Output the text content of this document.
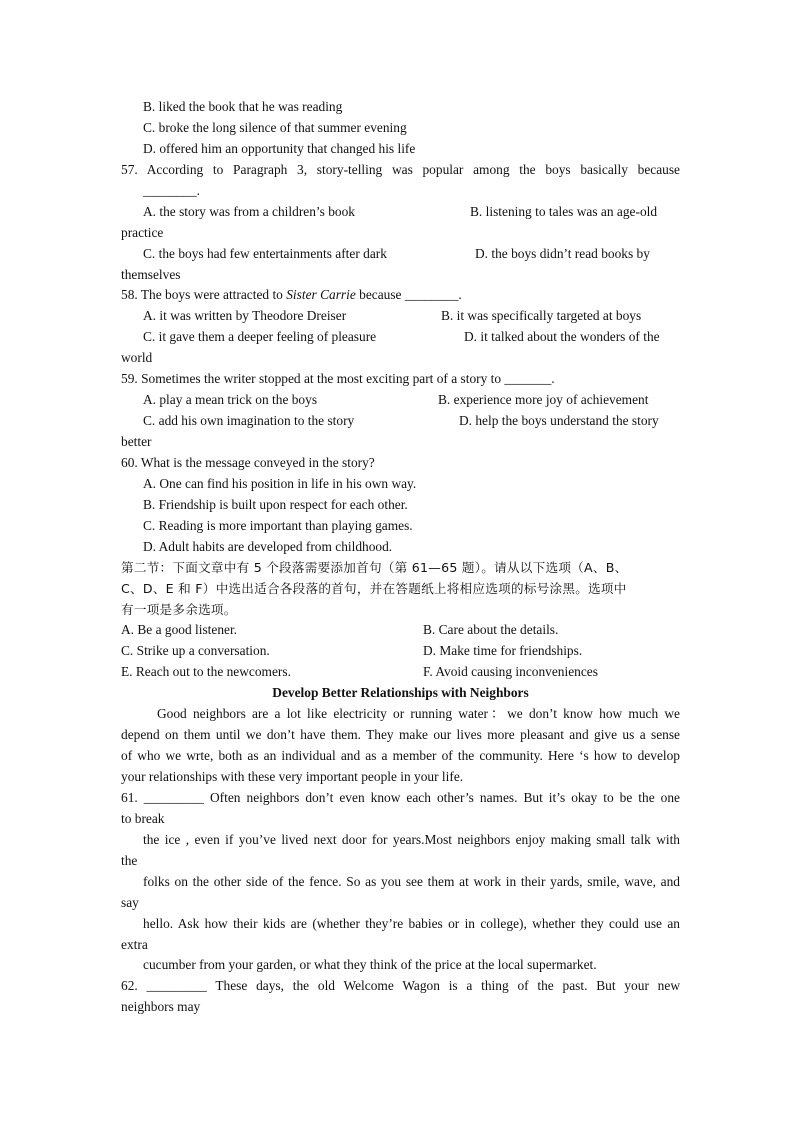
B. liked the book that he was reading
C. broke the long silence of that summer evening
D. offered him an opportunity that changed his life
57. According to Paragraph 3, story-telling was popular among the boys basically because
________.
A. the story was from a children’s book	B. listening to tales was an age-old
practice
C. the boys had few entertainments after dark	D. the boys didn’t read books by
themselves
58. The boys were attracted to Sister Carrie because ________.
A. it was written by Theodore Dreiser	B. it was specifically targeted at boys
C. it gave them a deeper feeling of pleasure	D. it talked about the wonders of the
world
59. Sometimes the writer stopped at the most exciting part of a story to _______.
A. play a mean trick on the boys	B. experience more joy of achievement
C. add his own imagination to the story	D. help the boys understand the story
better
60. What is the message conveyed in the story?
A. One can find his position in life in his own way.
B. Friendship is built upon respect for each other.
C. Reading is more important than playing games.
D. Adult habits are developed from childhood.
第二节：下面文章中有 5 个段落需要添加首句（第 61—65 题）。请从以下选项（A、B、
C、D、E 和 F）中选出适合各段落的首句，并在答题纸上将相应选项的标号涂黑。选项中
有一项是多余选项。
A. Be a good listener.	B. Care about the details.
C. Strike up a conversation.	D. Make time for friendships.
E. Reach out to the newcomers.	F. Avoid causing inconveniences
Develop Better Relationships with Neighbors
Good neighbors are a lot like electricity or running water：we don’t know how much we
depend on them until we don’t have them. They make our lives more pleasant and give us a sense
of who we wrte, both as an individual and as a member of the community. Here ‘s how to develop
your relationships with these very important people in your life.
61. _________ Often neighbors don’t even know each other’s names. But it’s okay to be the one
to break
the ice , even if you’ve lived next door for years.Most neighbors enjoy making small talk with
the
folks on the other side of the fence. So as you see them at work in their yards, smile, wave, and
say
hello. Ask how their kids are (whether they’re babies or in college), whether they could use an
extra
cucumber from your garden, or what they think of the price at the local supermarket.
62. _________ These days, the old Welcome Wagon is a thing of the past. But your new
neighbors may
